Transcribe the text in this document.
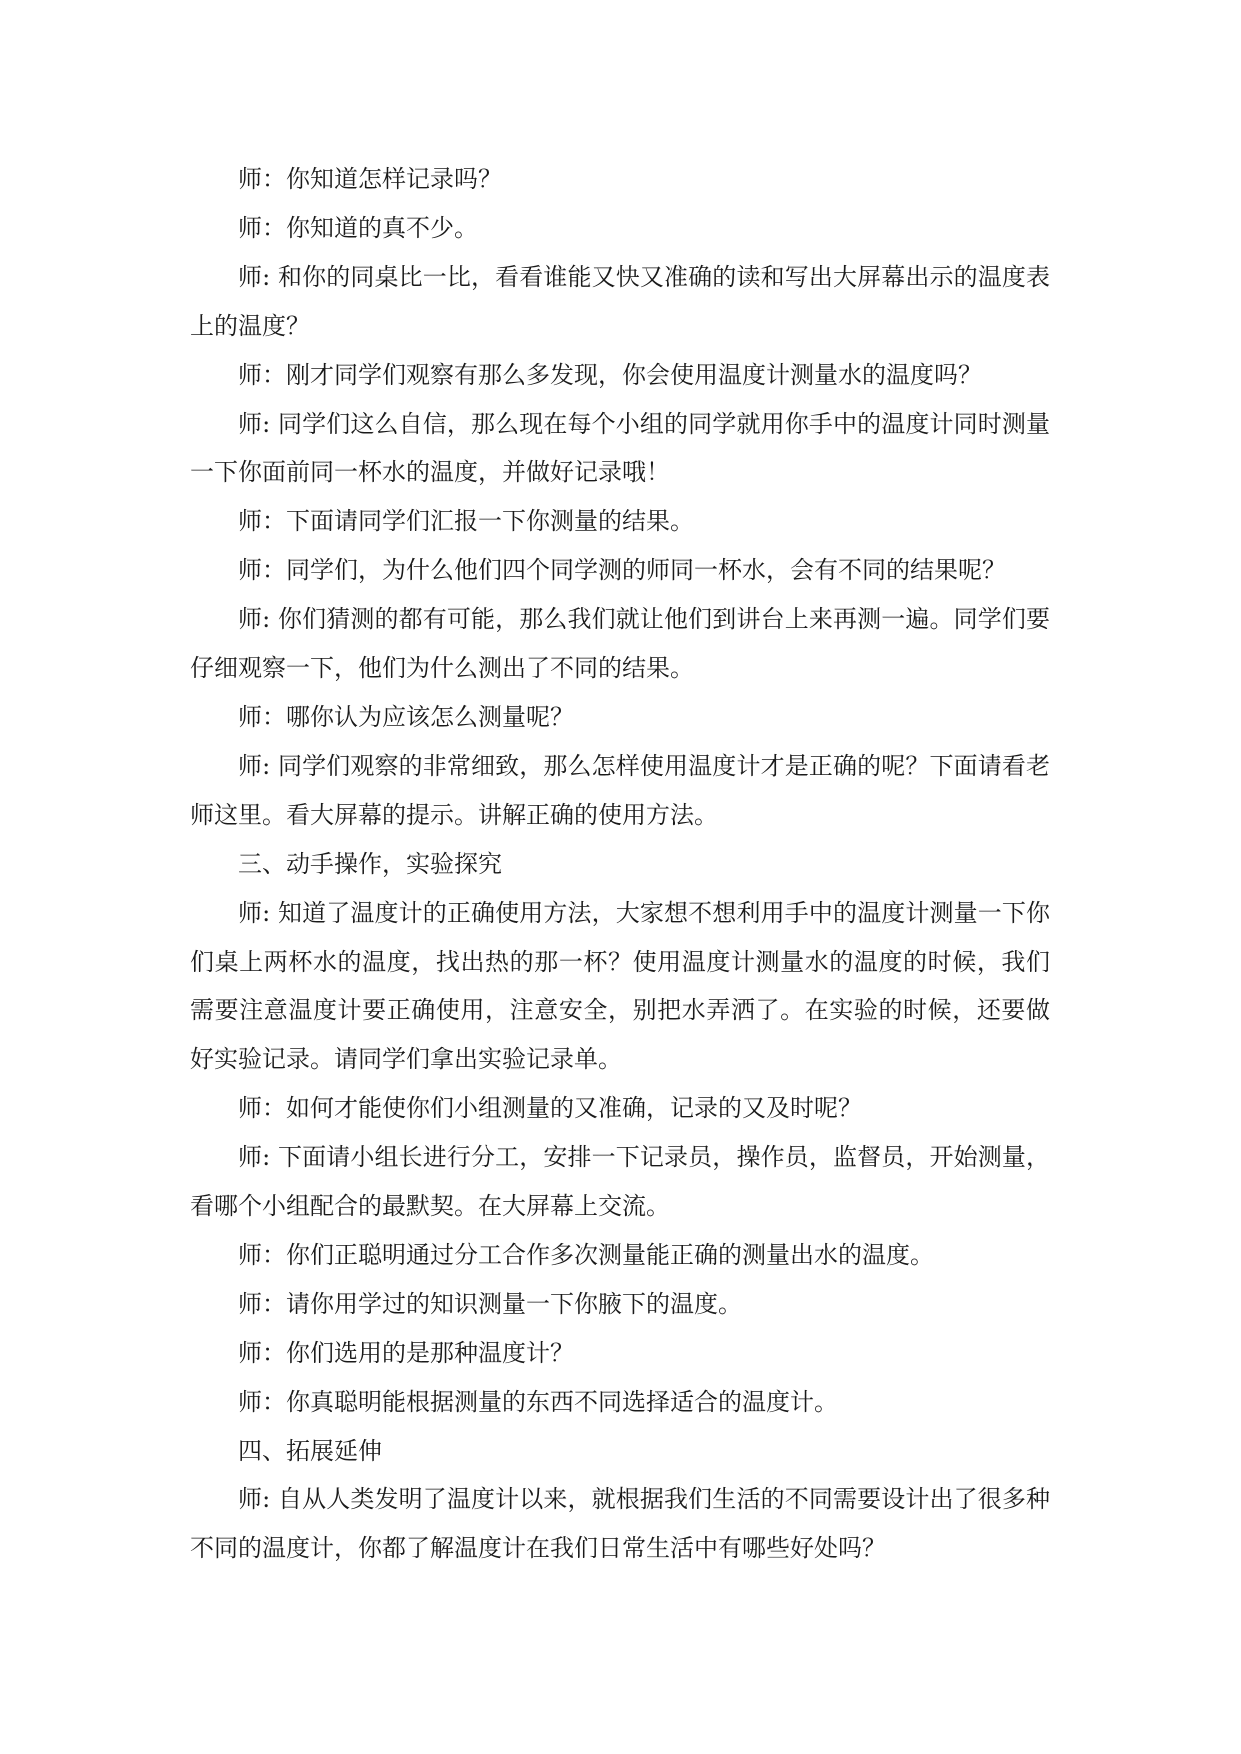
师：你知道怎样记录吗？

师：你知道的真不少。

师: 和你的同桌比一比，看看谁能又快又准确的读和写出大屏幕出示的温度表上的温度？

师：刚才同学们观察有那么多发现，你会使用温度计测量水的温度吗？

师: 同学们这么自信，那么现在每个小组的同学就用你手中的温度计同时测量一下你面前同一杯水的温度，并做好记录哦！

师：下面请同学们汇报一下你测量的结果。

师：同学们，为什么他们四个同学测的师同一杯水，会有不同的结果呢？

师: 你们猜测的都有可能，那么我们就让他们到讲台上来再测一遍。同学们要仔细观察一下，他们为什么测出了不同的结果。

师：哪你认为应该怎么测量呢？

师: 同学们观察的非常细致，那么怎样使用温度计才是正确的呢？下面请看老师这里。看大屏幕的提示。讲解正确的使用方法。

三、动手操作，实验探究

师: 知道了温度计的正确使用方法，大家想不想利用手中的温度计测量一下你们桌上两杯水的温度，找出热的那一杯？使用温度计测量水的温度的时候，我们需要注意温度计要正确使用，注意安全，别把水弄洒了。在实验的时候，还要做好实验记录。请同学们拿出实验记录单。

师：如何才能使你们小组测量的又准确，记录的又及时呢？

师: 下面请小组长进行分工，安排一下记录员，操作员，监督员，开始测量，看哪个小组配合的最默契。在大屏幕上交流。

师：你们正聪明通过分工合作多次测量能正确的测量出水的温度。

师：请你用学过的知识测量一下你腋下的温度。

师：你们选用的是那种温度计？

师：你真聪明能根据测量的东西不同选择适合的温度计。

四、拓展延伸

师: 自从人类发明了温度计以来，就根据我们生活的不同需要设计出了很多种不同的温度计，你都了解温度计在我们日常生活中有哪些好处吗？
